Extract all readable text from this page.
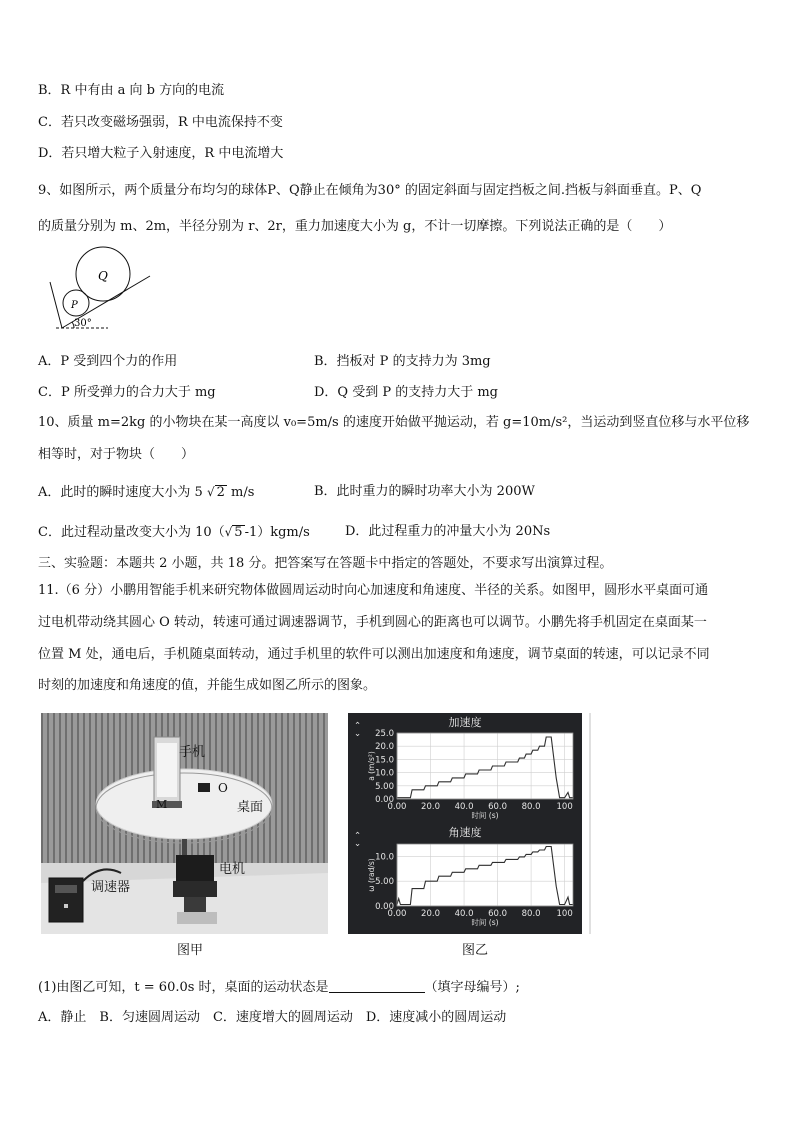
B．R 中有由 a 向 b 方向的电流
C．若只改变磁场强弱，R 中电流保持不变
D．若只增大粒子入射速度，R 中电流增大
9、如图所示，两个质量分布均匀的球体P、Q静止在倾角为30° 的固定斜面与固定挡板之间.挡板与斜面垂直。P、Q
的质量分别为 m、2m，半径分别为 r、2r，重力加速度大小为 g，不计一切摩擦。下列说法正确的是（　　）
Q
P
30°
A．P 受到四个力的作用	B．挡板对 P 的支持力为 3mg
C．P 所受弹力的合力大于 mg	D．Q 受到 P 的支持力大于 mg
10、质量 m=2kg 的小物块在某一高度以 v₀=5m/s 的速度开始做平抛运动，若 g=10m/s²，当运动到竖直位移与水平位移
相等时，对于物块（　　）
A．此时的瞬时速度大小为 5 √ 2 m/s	B．此时重力的瞬时功率大小为 200W
C．此过程动量改变大小为 10（√ 5 -1）kgm/s	D．此过程重力的冲量大小为 20Ns
三、实验题：本题共 2 小题，共 18 分。把答案写在答题卡中指定的答题处，不要求写出演算过程。
11.（6 分）小鹏用智能手机来研究物体做圆周运动时向心加速度和角速度、半径的关系。如图甲，圆形水平桌面可通
过电机带动绕其圆心 O 转动，转速可通过调速器调节，手机到圆心的距离也可以调节。小鹏先将手机固定在桌面某一
位置 M 处，通电后，手机随桌面转动，通过手机里的软件可以测出加速度和角速度，调节桌面的转速，可以记录不同
时刻的加速度和角速度的值，并能生成如图乙所示的图象。
手机
O
M	桌面
电机
调速器
加速度
⌃
⌄
0.00
5.00
10.0
15.0
20.0
25.0
0.00 20.0 40.0 60.0 80.0 100
时间 (s)
a (m/s²)
角速度
⌃
⌄
0.00
5.00
10.0
0.00 20.0 40.0 60.0 80.0 100
时间 (s)
ω (rad/s)
图甲	图乙
(1)由图乙可知，t = 60.0s 时，桌面的运动状态是	（填字母编号）;
A．静止　B．匀速圆周运动　C．速度增大的圆周运动　D．速度减小的圆周运动
